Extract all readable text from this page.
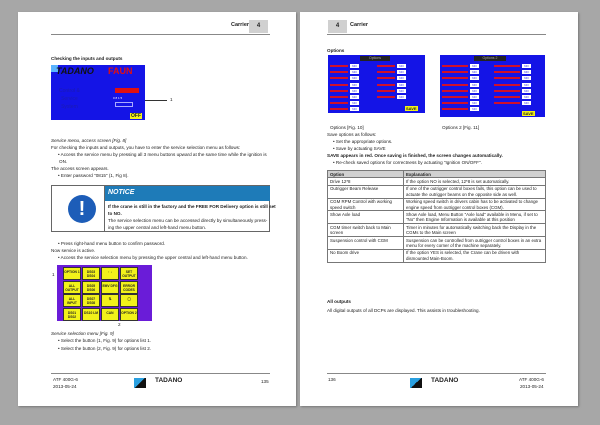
Carrier	4
Checking the inputs and outputs
TADANO FAUN
Control &
Service
System
0 8 1 5
OFF
1
Service menu, access screen [Fig. 8]
For checking the inputs and outputs, you have to enter the service selection menu as follows:
• Access the service menu by pressing all 3 menu buttons upward at the same time while the ignition is
ON.
The access screen appears.
• Enter password "0815" (1, Fig 8).
!
NOTICE
If the crane is still in the factory and the FREE FOR Delivery option is still set
to NO.
The service selection menu can be accessed directly by simultaneously press-
ing the upper central and left-hand menu button.
• Press right-hand menu button to confirm password.
Now service is active.
• Access the service selection menu by pressing the upper central and left-hand menu button.
OPTION 1	DS03 DS04
↑ ↓	SET OUTPUT
ALL OUTPUT
DS05 DS06
EMV DFG	ERROR CODES
ALL INPUT
DS07 DS08
⇅	▢
DS01 DS02
DS10 LM	CAN	OPTION 2
1
2
Service selection menu [Fig. 9]
• Select the button (1, Fig. 9) for options list 1.
• Select the button (2, Fig. 9) for options list 2.
ATF 400G-6
2013-05-24
TADANO	135
4	Carrier
Options
Options
SAVE
NO
NO
NO
NO
NO
NO
NO
NO
NO
NO
NO
NO
NO
NO
Options 2
SAVE
NO
NO
NO
NO
NO
NO
NO
NO
NO
NO
NO
NO
NO
NO
NO
Options [Fig. 10]	Options 2 [Fig. 11]
Save options as follows:
• Set the appropriate options.
• Save by actuating SAVE
SAVE appears in red. Once saving is finished, the screen changes automatically.
• Re-check saved options for correctness by actuating "Ignition ON/OFF".
Option	Explanation
Drive 12*8	If the option NO is selected, 12*8 is set automatically.
Outrigger Beam Release	If one of the outrigger control boxes fails, this option can be used to actuate the outrigger beams on the opposite side as well.
CGM RPM Control with working speed switch	Working speed switch in drivers cabin has to be activated to change engine speed from outrigger control boxes (CGM).
Show Axle load	Show Axle load, Menu Button "Axle load" available in Menu, if set to "No" then Engine Information is available at this position
CGM timer switch back to Main screen	Timer in minutes for automatically switching back the Display in the CGMs to the Main screen
Suspension control with CGM	Suspension can be controlled from outrigger control boxes in an extra menu for every corner of the machine separately.
No Boom drive	If the option YES is selected, the Crane can be driven with dismounted Main-Boom.
All outputs
All digital outputs of all DCPs are displayed. This assists in troubleshooting.
136	TADANO	ATF 400G-6
2013-05-24
